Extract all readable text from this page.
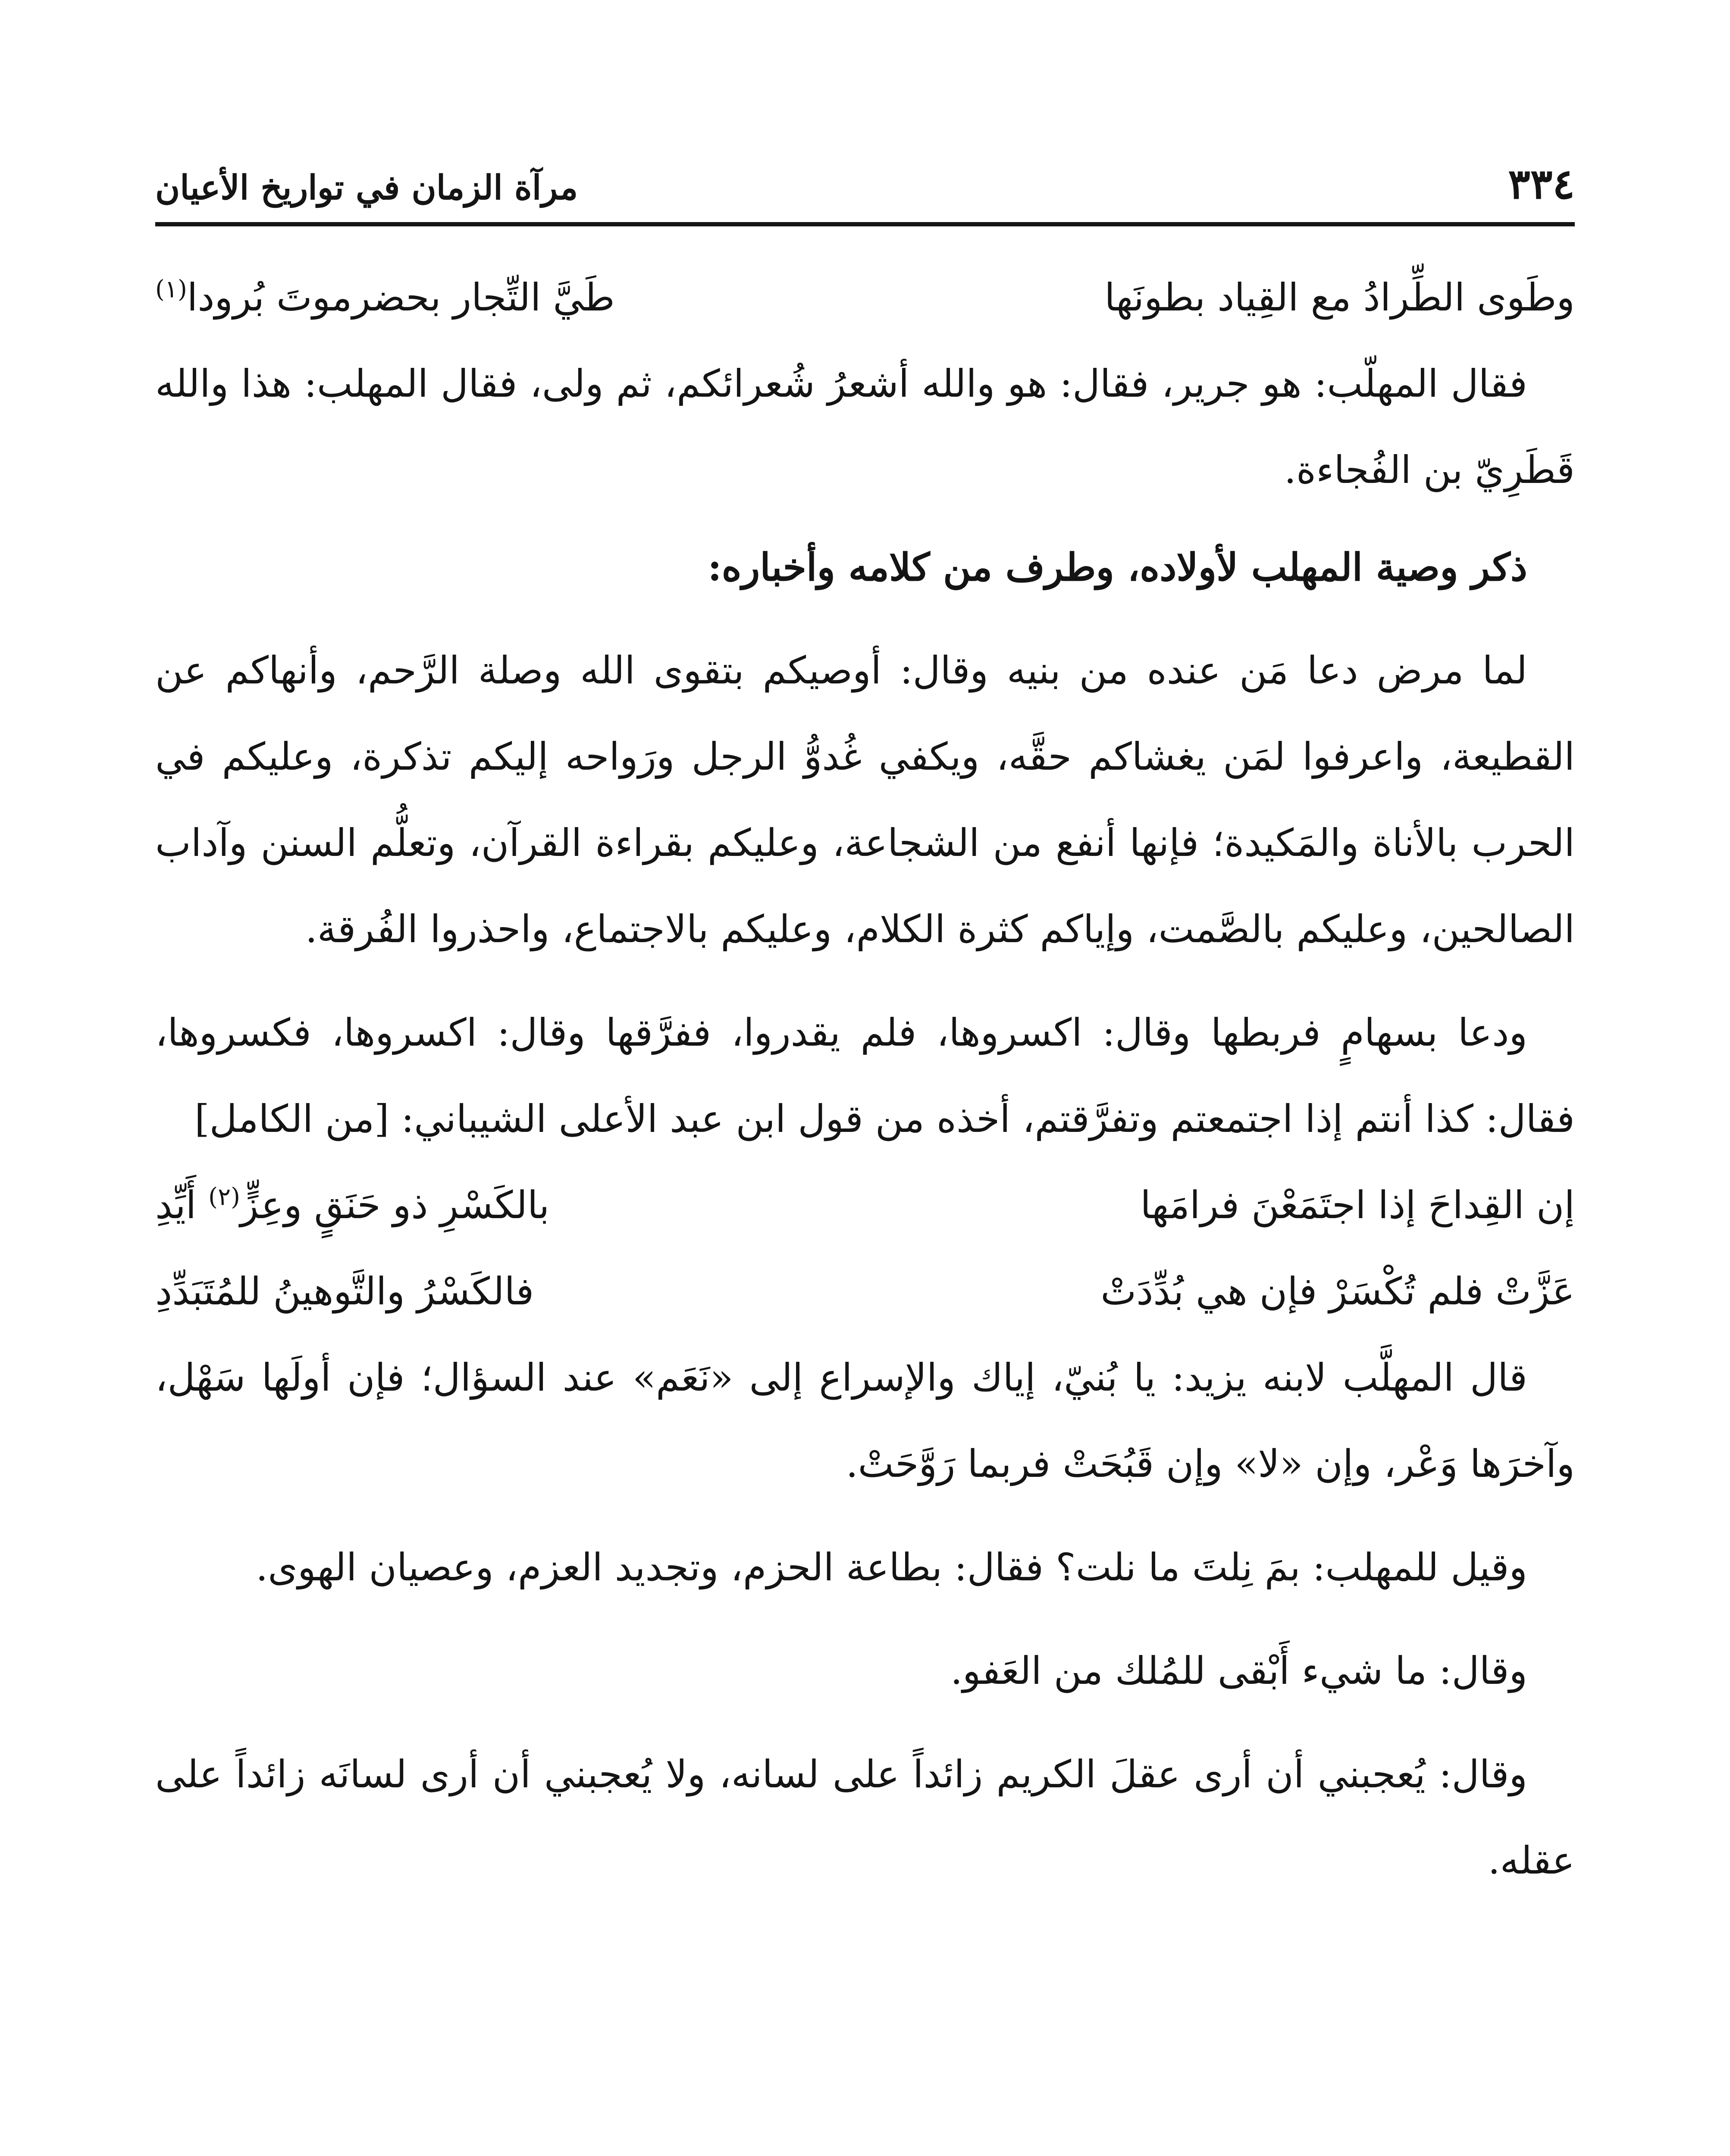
٣٣٤
مرآة الزمان في تواريخ الأعيان
وطَوى الطِّرادُ مع القِياد بطونَها
طَيَّ التِّجار بحضرموتَ بُرودا$^{(١)}$

فقال المهلّب: هو جرير، فقال: هو والله أشعرُ شُعرائكم، ثم ولى، فقال المهلب: هذا والله قَطَرِيّ بن الفُجاءة.

ذكر وصية المهلب لأولاده، وطرف من كلامه وأخباره:

لما مرض دعا مَن عنده من بنيه وقال: أوصيكم بتقوى الله وصلة الرَّحم، وأنهاكم عن القطيعة، واعرفوا لمَن يغشاكم حقَّه، ويكفي غُدوُّ الرجل ورَواحه إليكم تذكرة، وعليكم في الحرب بالأناة والمَكيدة؛ فإنها أنفع من الشجاعة، وعليكم بقراءة القرآن، وتعلُّم السنن وآداب الصالحين، وعليكم بالصَّمت، وإياكم كثرة الكلام، وعليكم بالاجتماع، واحذروا الفُرقة.

ودعا بسهامٍ فربطها وقال: اكسروها، فلم يقدروا، ففرَّقها وقال: اكسروها، فكسروها، فقال: كذا أنتم إذا اجتمعتم وتفرَّقتم، أخذه من قول ابن عبد الأعلى الشيباني: [من الكامل]

إن القِداحَ إذا اجتَمَعْنَ فرامَها
بالكَسْرِ ذو حَنَقٍ وعِزٍّ$^{(٢)}$ أَيِّدِ
عَزَّتْ فلم تُكْسَرْ فإن هي بُدِّدَتْ
فالكَسْرُ والتَّوهينُ للمُتَبَدِّدِ

قال المهلَّب لابنه يزيد: يا بُنيّ، إياك والإسراع إلى «نَعَم» عند السؤال؛ فإن أولَها سَهْل، وآخرَها وَعْر، وإن «لا» وإن قَبُحَتْ فربما رَوَّحَتْ.

وقيل للمهلب: بمَ نِلتَ ما نلت؟ فقال: بطاعة الحزم، وتجديد العزم، وعصيان الهوى.

وقال: ما شيء أَبْقى للمُلك من العَفو.

وقال: يُعجبني أن أرى عقلَ الكريم زائداً على لسانه، ولا يُعجبني أن أرى لسانَه زائداً على عقله.
